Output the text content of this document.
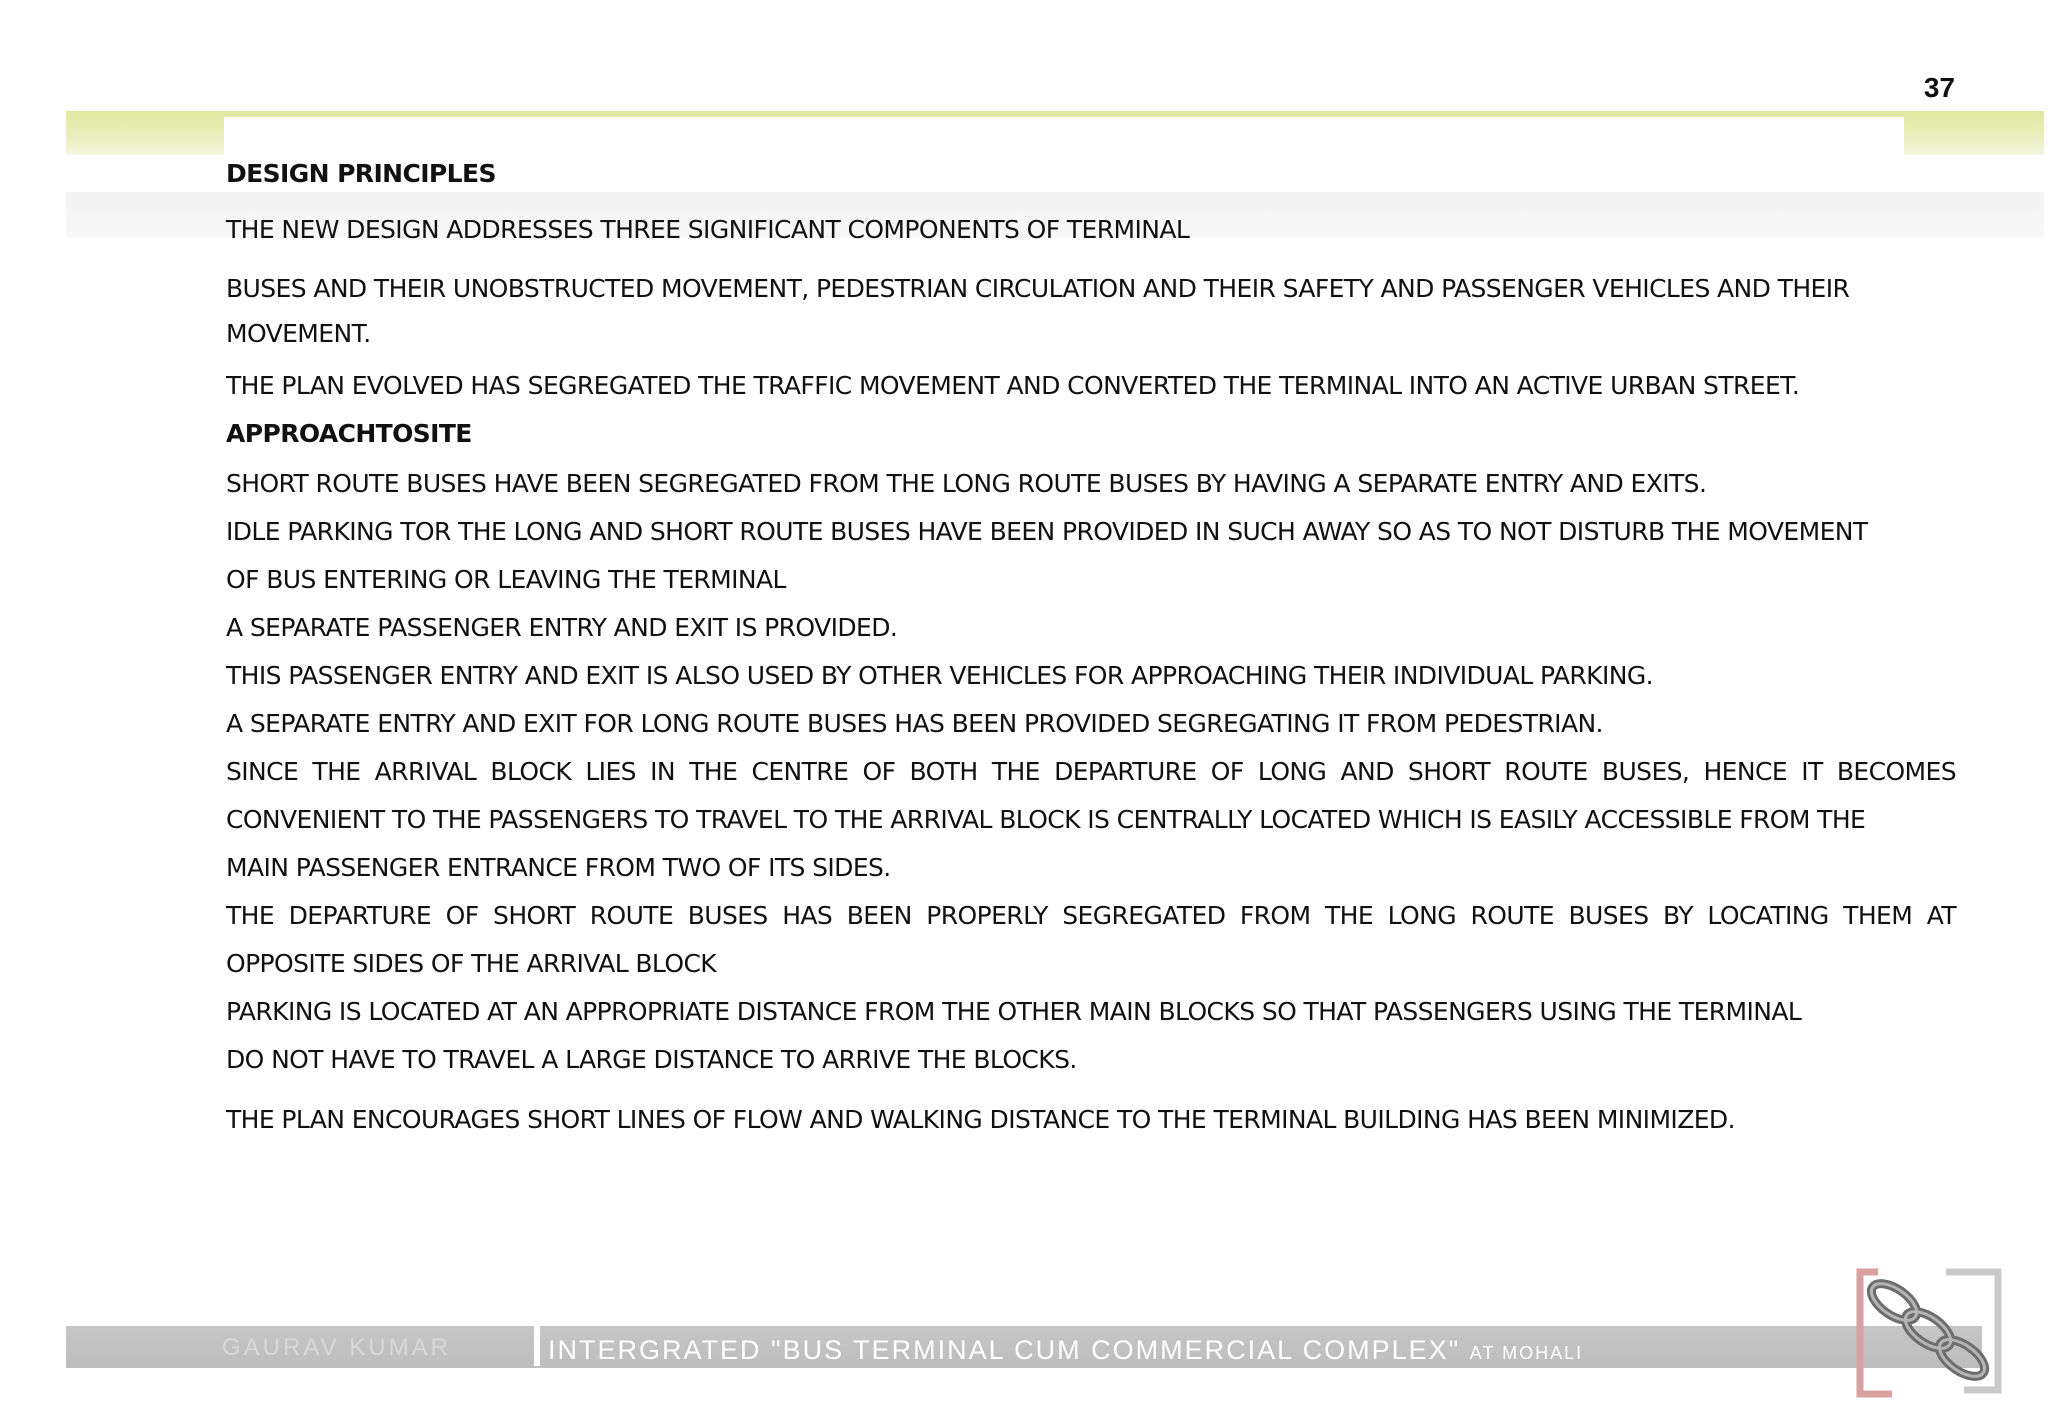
37

DESIGN PRINCIPLES

THE NEW DESIGN ADDRESSES THREE SIGNIFICANT COMPONENTS OF TERMINAL

BUSES AND THEIR UNOBSTRUCTED MOVEMENT, PEDESTRIAN CIRCULATION AND THEIR SAFETY AND PASSENGER VEHICLES AND THEIR

MOVEMENT.

THE PLAN EVOLVED HAS SEGREGATED THE TRAFFIC MOVEMENT AND CONVERTED THE TERMINAL INTO AN ACTIVE URBAN STREET.

APPROACHTOSITE

SHORT ROUTE BUSES HAVE BEEN SEGREGATED FROM THE LONG ROUTE BUSES BY HAVING A SEPARATE ENTRY AND EXITS.

IDLE PARKING TOR THE LONG AND SHORT ROUTE BUSES HAVE BEEN PROVIDED IN SUCH AWAY SO AS TO NOT DISTURB THE MOVEMENT

OF BUS ENTERING OR LEAVING THE TERMINAL

A SEPARATE PASSENGER ENTRY AND EXIT IS PROVIDED.

THIS PASSENGER ENTRY AND EXIT IS ALSO USED BY OTHER VEHICLES FOR APPROACHING THEIR INDIVIDUAL PARKING.

A SEPARATE ENTRY AND EXIT FOR LONG ROUTE BUSES HAS BEEN PROVIDED SEGREGATING IT FROM PEDESTRIAN.

SINCE THE ARRIVAL BLOCK LIES IN THE CENTRE OF BOTH THE DEPARTURE OF LONG AND SHORT ROUTE BUSES, HENCE IT BECOMES

CONVENIENT TO THE PASSENGERS TO TRAVEL TO THE ARRIVAL BLOCK IS CENTRALLY LOCATED WHICH IS EASILY ACCESSIBLE FROM THE

MAIN PASSENGER ENTRANCE FROM TWO OF ITS SIDES.

THE DEPARTURE OF SHORT ROUTE BUSES HAS BEEN PROPERLY SEGREGATED FROM THE LONG ROUTE BUSES BY LOCATING THEM AT

OPPOSITE SIDES OF THE ARRIVAL BLOCK

PARKING IS LOCATED AT AN APPROPRIATE DISTANCE FROM THE OTHER MAIN BLOCKS SO THAT PASSENGERS USING THE TERMINAL

DO NOT HAVE TO TRAVEL A LARGE DISTANCE TO ARRIVE THE BLOCKS.

THE PLAN ENCOURAGES SHORT LINES OF FLOW AND WALKING DISTANCE TO THE TERMINAL BUILDING HAS BEEN MINIMIZED.

GAURAV KUMAR	INTERGRATED "BUS TERMINAL CUM COMMERCIAL COMPLEX" AT MOHALI
